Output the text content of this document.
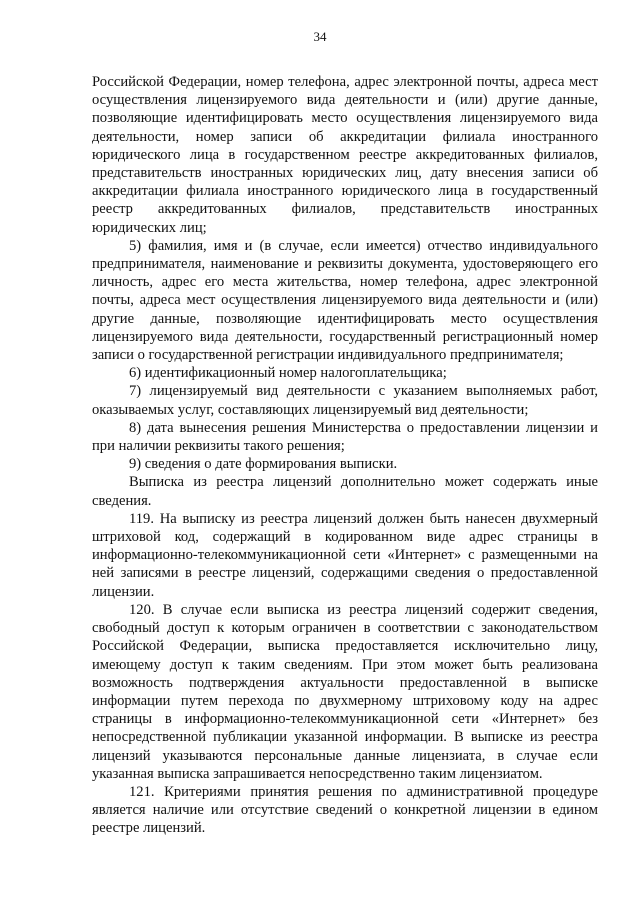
34

Российской Федерации, номер телефона, адрес электронной почты, адреса мест осуществления лицензируемого вида деятельности и (или) другие данные, позволяющие идентифицировать место осуществления лицензируемого вида деятельности, номер записи об аккредитации филиала иностранного юридического лица в государственном реестре аккредитованных филиалов, представительств иностранных юридических лиц, дату внесения записи об аккредитации филиала иностранного юридического лица в государственный реестр аккредитованных филиалов, представительств иностранных юридических лиц;

5) фамилия, имя и (в случае, если имеется) отчество индивидуального предпринимателя, наименование и реквизиты документа, удостоверяющего его личность, адрес его места жительства, номер телефона, адрес электронной почты, адреса мест осуществления лицензируемого вида деятельности и (или) другие данные, позволяющие идентифицировать место осуществления лицензируемого вида деятельности, государственный регистрационный номер записи о государственной регистрации индивидуального предпринимателя;

6) идентификационный номер налогоплательщика;

7) лицензируемый вид деятельности с указанием выполняемых работ, оказываемых услуг, составляющих лицензируемый вид деятельности;

8) дата вынесения решения Министерства о предоставлении лицензии и при наличии реквизиты такого решения;

9) сведения о дате формирования выписки.

Выписка из реестра лицензий дополнительно может содержать иные сведения.

119. На выписку из реестра лицензий должен быть нанесен двухмерный штриховой код, содержащий в кодированном виде адрес страницы в информационно-телекоммуникационной сети «Интернет» с размещенными на ней записями в реестре лицензий, содержащими сведения о предоставленной лицензии.

120. В случае если выписка из реестра лицензий содержит сведения, свободный доступ к которым ограничен в соответствии с законодательством Российской Федерации, выписка предоставляется исключительно лицу, имеющему доступ к таким сведениям. При этом может быть реализована возможность подтверждения актуальности предоставленной в выписке информации путем перехода по двухмерному штриховому коду на адрес страницы в информационно-телекоммуникационной сети «Интернет» без непосредственной публикации указанной информации. В выписке из реестра лицензий указываются персональные данные лицензиата, в случае если указанная выписка запрашивается непосредственно таким лицензиатом.

121. Критериями принятия решения по административной процедуре является наличие или отсутствие сведений о конкретной лицензии в едином реестре лицензий.
